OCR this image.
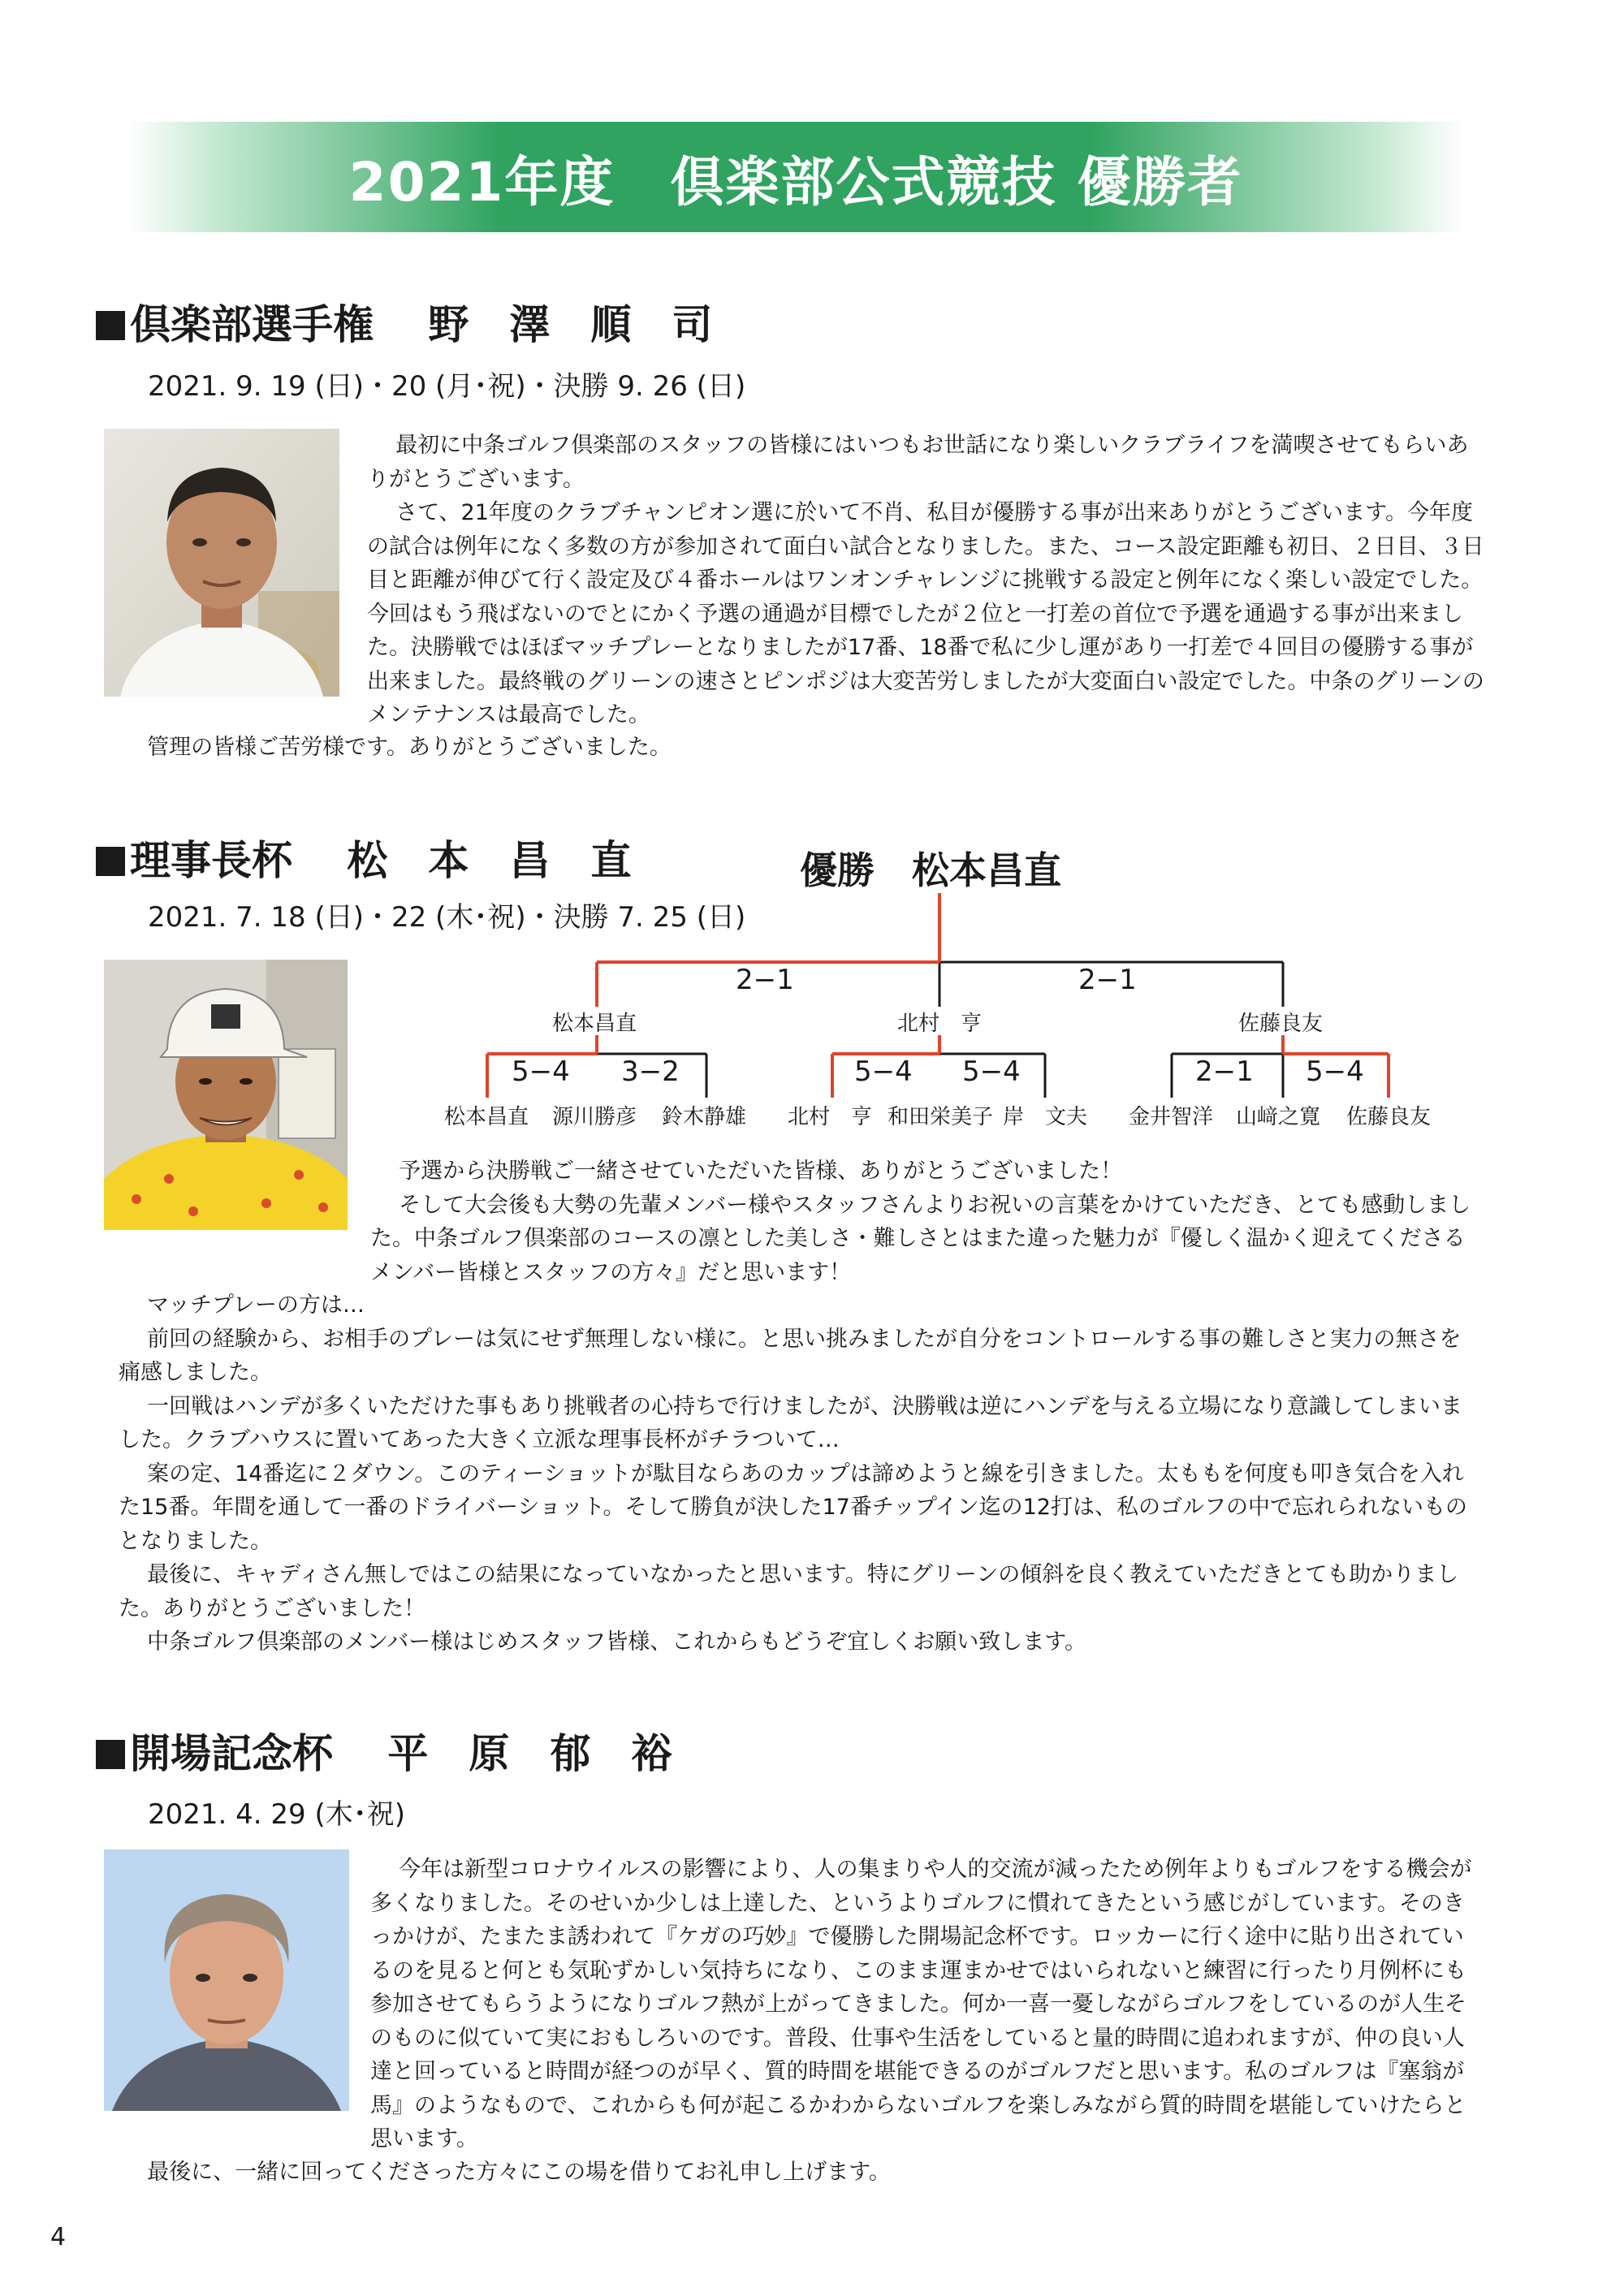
2021年度　倶楽部公式競技 優勝者
倶楽部選手権　 野　澤　順　司
2021. 9. 19 (日)・20 (月･祝)・決勝 9. 26 (日)

最初に中条ゴルフ倶楽部のスタッフの皆様にはいつもお世話になり楽しいクラブライフを満喫させてもらいありがとうございます。

さて、21年度のクラブチャンピオン選に於いて不肖、私目が優勝する事が出来ありがとうございます。今年度の試合は例年になく多数の方が参加されて面白い試合となりました。また、コース設定距離も初日、２日目、３日目と距離が伸びて行く設定及び４番ホールはワンオンチャレンジに挑戦する設定と例年になく楽しい設定でした。今回はもう飛ばないのでとにかく予選の通過が目標でしたが２位と一打差の首位で予選を通過する事が出来ました。決勝戦ではほぼマッチプレーとなりましたが17番、18番で私に少し運があり一打差で４回目の優勝する事が出来ました。最終戦のグリーンの速さとピンポジは大変苦労しましたが大変面白い設定でした。中条のグリーンのメンテナンスは最高でした。

管理の皆様ご苦労様です。ありがとうございました。

理事長杯　 松　本　昌　直
2021. 7. 18 (日)・22 (木･祝)・決勝 7. 25 (日)
優勝　 松本昌直
2−1	2−1
松本昌直	北村　亨	佐藤良友
5−4 3−2	5−4 5−4	2−1 5−4
松本昌直 源川勝彦 鈴木静雄 北村　亨 和田栄美子 岸　文夫 金井智洋 山﨑之寛 佐藤良友

予選から決勝戦ご一緒させていただいた皆様、ありがとうございました！

そして大会後も大勢の先輩メンバー様やスタッフさんよりお祝いの言葉をかけていただき、とても感動しました。中条ゴルフ倶楽部のコースの凛とした美しさ・難しさとはまた違った魅力が『優しく温かく迎えてくださるメンバー皆様とスタッフの方々』だと思います！

マッチプレーの方は…

前回の経験から、お相手のプレーは気にせず無理しない様に。と思い挑みましたが自分をコントロールする事の難しさと実力の無さを痛感しました。

一回戦はハンデが多くいただけた事もあり挑戦者の心持ちで行けましたが、決勝戦は逆にハンデを与える立場になり意識してしまいました。クラブハウスに置いてあった大きく立派な理事長杯がチラついて…

案の定、14番迄に２ダウン。このティーショットが駄目ならあのカップは諦めようと線を引きました。太ももを何度も叩き気合を入れた15番。年間を通して一番のドライバーショット。そして勝負が決した17番チップイン迄の12打は、私のゴルフの中で忘れられないものとなりました。

最後に、キャディさん無しではこの結果になっていなかったと思います。特にグリーンの傾斜を良く教えていただきとても助かりました。ありがとうございました！

中条ゴルフ倶楽部のメンバー様はじめスタッフ皆様、これからもどうぞ宜しくお願い致します。

開場記念杯　 平　原　郁　裕
2021. 4. 29 (木･祝)

今年は新型コロナウイルスの影響により、人の集まりや人的交流が減ったため例年よりもゴルフをする機会が多くなりました。そのせいか少しは上達した、というよりゴルフに慣れてきたという感じがしています。そのきっかけが、たまたま誘われて『ケガの巧妙』で優勝した開場記念杯です。ロッカーに行く途中に貼り出されているのを見ると何とも気恥ずかしい気持ちになり、このまま運まかせではいられないと練習に行ったり月例杯にも参加させてもらうようになりゴルフ熱が上がってきました。何か一喜一憂しながらゴルフをしているのが人生そのものに似ていて実におもしろいのです。普段、仕事や生活をしていると量的時間に追われますが、仲の良い人達と回っていると時間が経つのが早く、質的時間を堪能できるのがゴルフだと思います。私のゴルフは『塞翁が馬』のようなもので、これからも何が起こるかわからないゴルフを楽しみながら質的時間を堪能していけたらと思います。

最後に、一緒に回ってくださった方々にこの場を借りてお礼申し上げます。

4
